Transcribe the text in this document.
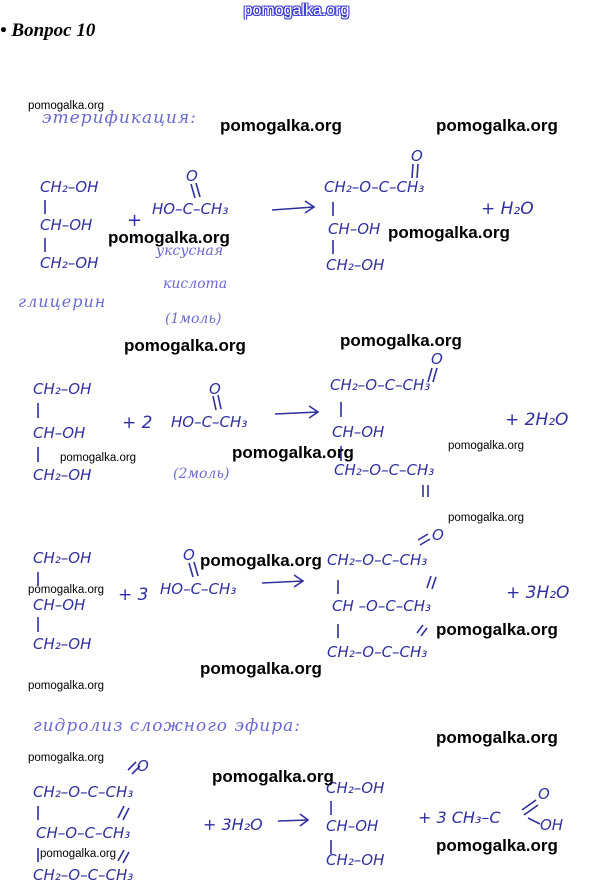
pomogalka.org
• Вопрос 10
этерификация:
CH₂–OH
CH–OH
CH₂–OH
глицерин
+
O
HO–C–CH₃
уксусная
кислота
(1моль)
O
CH₂–O–C–CH₃
CH–OH
CH₂–OH
+ H₂O
CH₂–OH
CH–OH
CH₂–OH
+ 2
O
HO–C–CH₃
(2моль)
O
CH₂–O–C–CH₃
CH–OH
CH₂–O–C–CH₃
+ 2H₂O
CH₂–OH
CH–OH
CH₂–OH
+ 3
O
HO–C–CH₃
O
CH₂–O–C–CH₃
CH –O–C–CH₃
CH₂–O–C–CH₃
+ 3H₂O
гидролиз сложного эфира:
O
CH₂–O–C–CH₃
CH–O–C–CH₃
CH₂–O–C–CH₃
+ 3H₂O
CH₂–OH
CH–OH
CH₂–OH
+ 3 CH₃–C
O
OH
pomogalka.org
pomogalka.org	pomogalka.org
pomogalka.org	pomogalka.org
pomogalka.org	pomogalka.org
pomogalka.org	pomogalka.org
pomogalka.org
pomogalka.org
pomogalka.org
pomogalka.org
pomogalka.org
pomogalka.org
pomogalka.org
pomogalka.org
pomogalka.org
pomogalka.org
pomogalka.org
pomogalka.org
